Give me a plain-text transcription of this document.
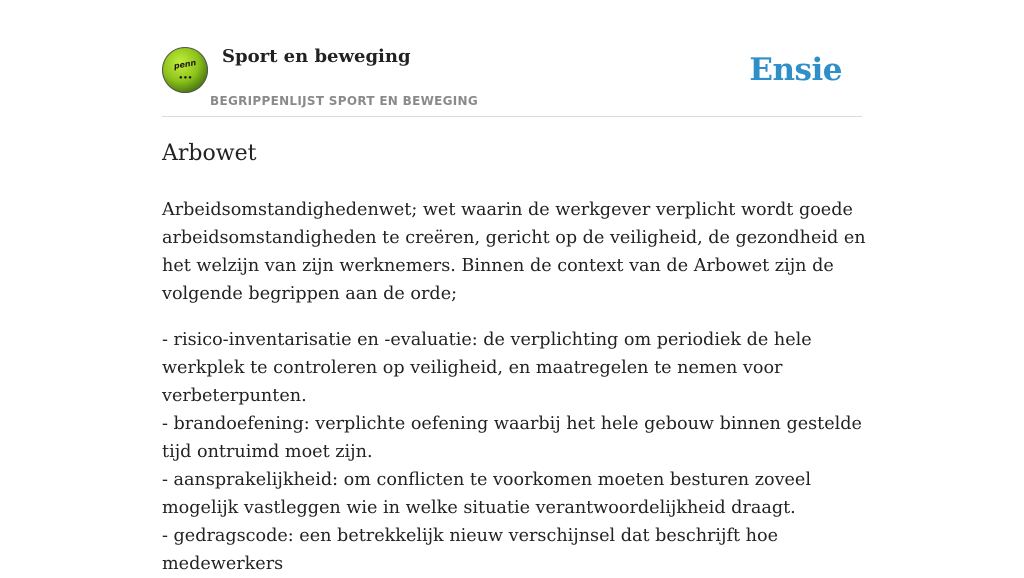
penn
●●●
Sport en beweging
BEGRIPPENLIJST SPORT EN BEWEGING
Ensie
Arbowet

Arbeidsomstandighedenwet; wet waarin de werkgever verplicht wordt goede arbeidsomstandigheden te creëren, gericht op de veiligheid, de gezondheid en het welzijn van zijn werknemers. Binnen de context van de Arbowet zijn de volgende begrippen aan de orde;

- risico-inventarisatie en -evaluatie: de verplichting om periodiek de hele werkplek te controleren op veiligheid, en maatregelen te nemen voor verbeterpunten.
- brandoefening: verplichte oefening waarbij het hele gebouw binnen gestelde tijd ontruimd moet zijn.
- aansprakelijkheid: om conflicten te voorkomen moeten besturen zoveel mogelijk vastleggen wie in welke situatie verantwoordelijkheid draagt.
- gedragscode: een betrekkelijk nieuw verschijnsel dat beschrijft hoe medewerkers
